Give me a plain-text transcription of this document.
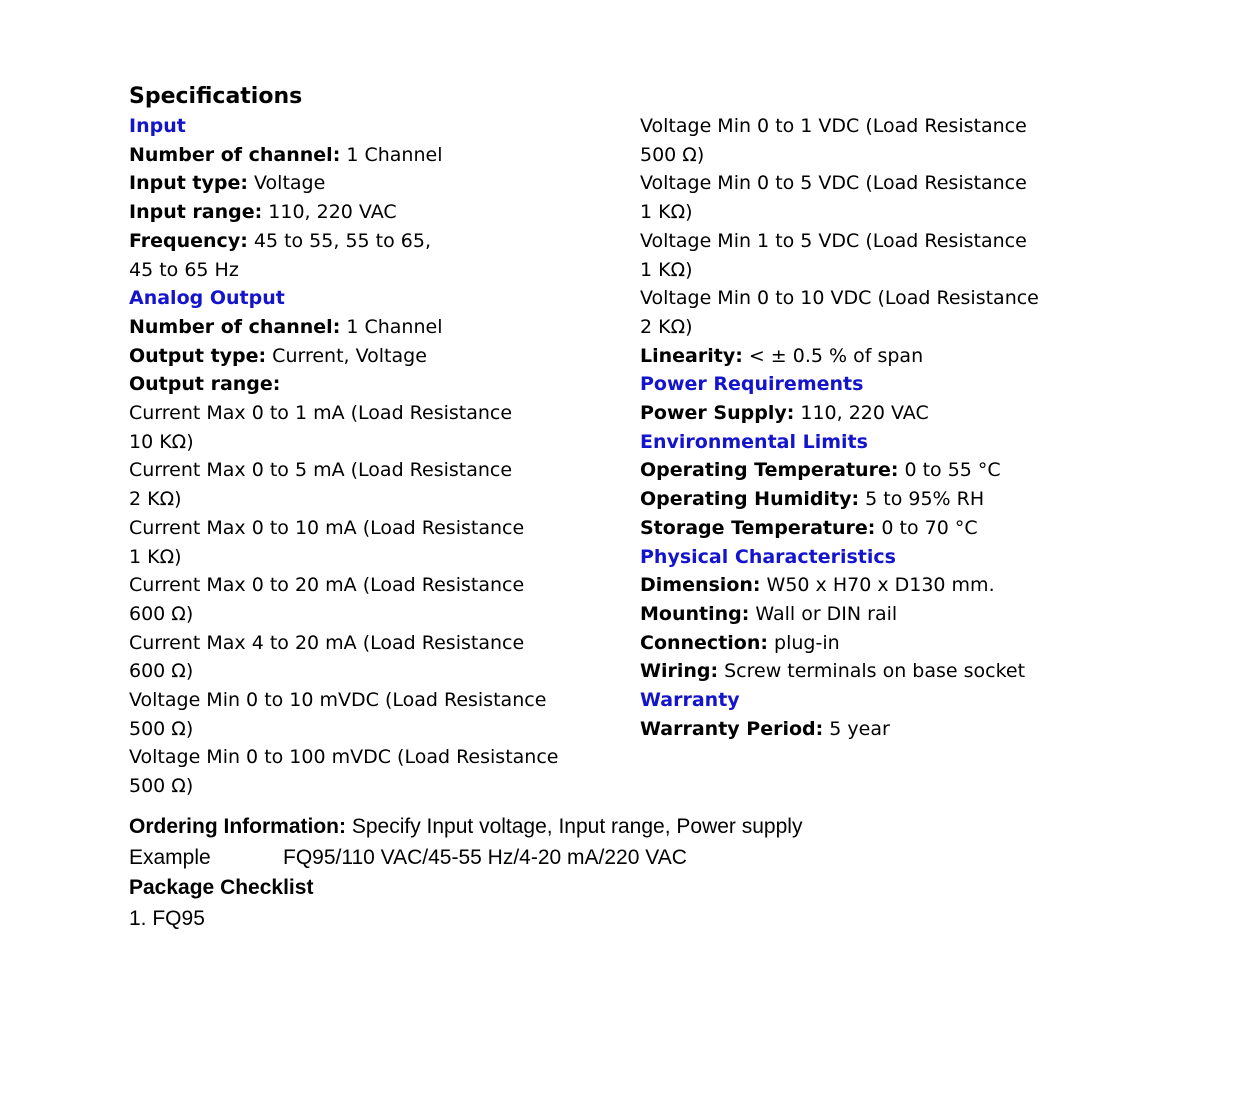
Specifications
Input
Number of channel: 1 Channel
Input type: Voltage
Input range: 110, 220 VAC
Frequency: 45 to 55, 55 to 65,
45 to 65 Hz
Analog Output
Number of channel: 1 Channel
Output type: Current, Voltage
Output range:
Current Max 0 to 1 mA (Load Resistance
10 KΩ)
Current Max 0 to 5 mA (Load Resistance
2 KΩ)
Current Max 0 to 10 mA (Load Resistance
1 KΩ)
Current Max 0 to 20 mA (Load Resistance
600 Ω)
Current Max 4 to 20 mA (Load Resistance
600 Ω)
Voltage Min 0 to 10 mVDC (Load Resistance
500 Ω)
Voltage Min 0 to 100 mVDC (Load Resistance
500 Ω)
Voltage Min 0 to 1 VDC (Load Resistance
500 Ω)
Voltage Min 0 to 5 VDC (Load Resistance
1 KΩ)
Voltage Min 1 to 5 VDC (Load Resistance
1 KΩ)
Voltage Min 0 to 10 VDC (Load Resistance
2 KΩ)
Linearity: < ± 0.5 % of span
Power Requirements
Power Supply: 110, 220 VAC
Environmental Limits
Operating Temperature: 0 to 55 °C
Operating Humidity: 5 to 95% RH
Storage Temperature: 0 to 70 °C
Physical Characteristics
Dimension: W50 x H70 x D130 mm.
Mounting: Wall or DIN rail
Connection: plug-in
Wiring: Screw terminals on base socket
Warranty
Warranty Period: 5 year
Ordering Information: Specify Input voltage, Input range, Power supply
Example	FQ95/110 VAC/45-55 Hz/4-20 mA/220 VAC
Package Checklist
1. FQ95
